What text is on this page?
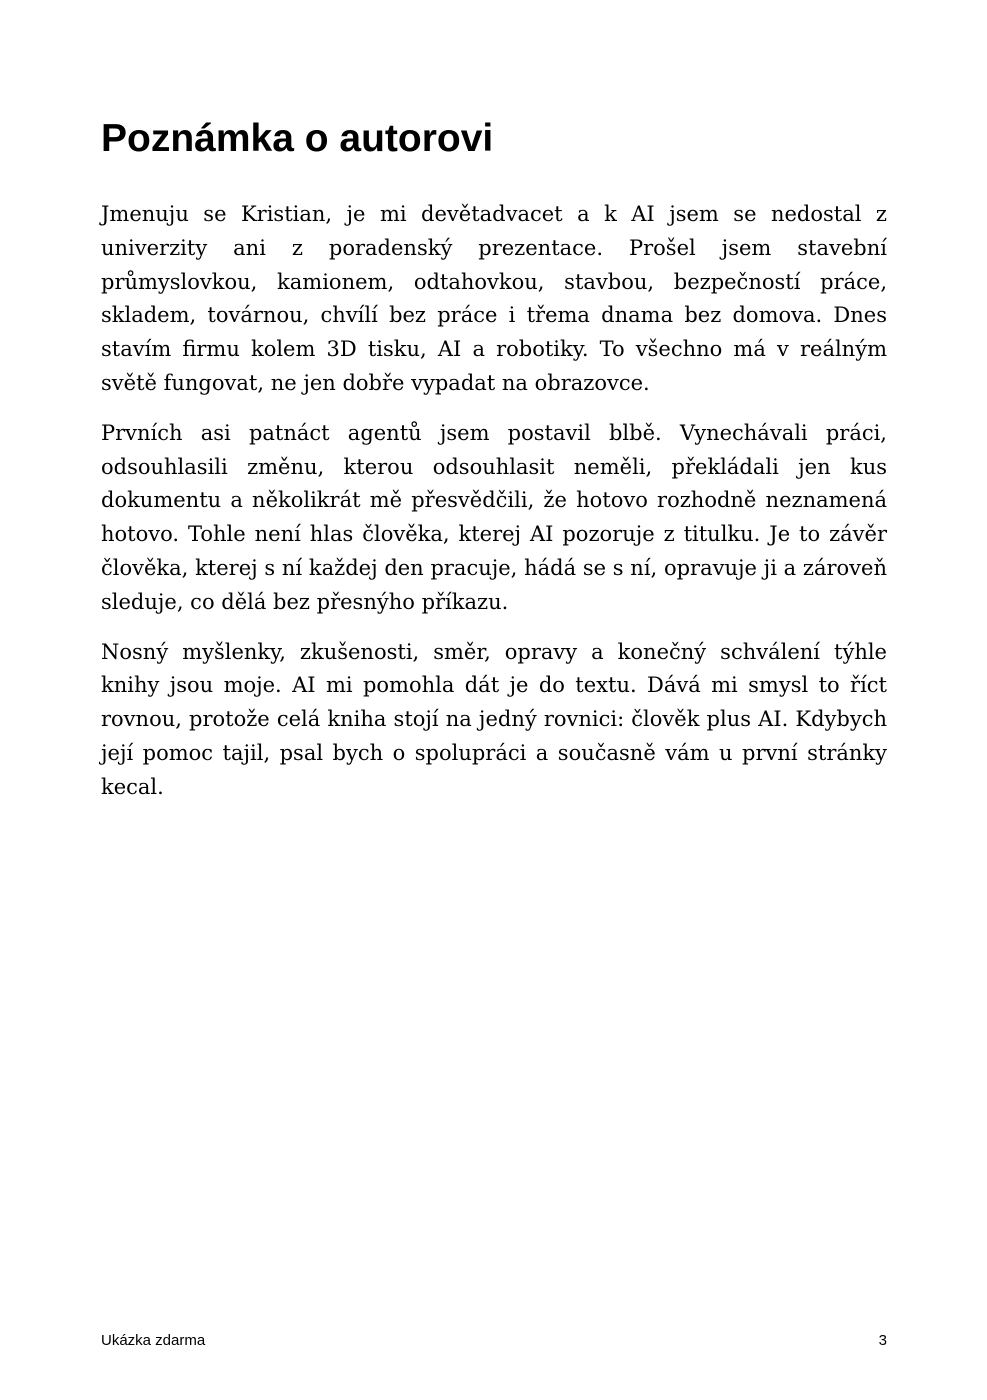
Poznámka o autorovi

Jmenuju se Kristian, je mi devětadvacet a k AI jsem se nedostal z univerzity ani z poradenský prezentace. Prošel jsem stavební průmyslovkou, kamionem, odtahovkou, stavbou, bezpečností práce, skladem, továrnou, chvílí bez práce i třema dnama bez domova. Dnes stavím firmu kolem 3D tisku, AI a robotiky. To všechno má v reálným světě fungovat, ne jen dobře vypadat na obrazovce.

Prvních asi patnáct agentů jsem postavil blbě. Vynechávali práci, odsouhlasili změnu, kterou odsouhlasit neměli, překládali jen kus dokumentu a několikrát mě přesvědčili, že hotovo rozhodně neznamená hotovo. Tohle není hlas člověka, kterej AI pozoruje z titulku. Je to závěr člověka, kterej s ní každej den pracuje, hádá se s ní, opravuje ji a zároveň sleduje, co dělá bez přesnýho příkazu.

Nosný myšlenky, zkušenosti, směr, opravy a konečný schválení týhle knihy jsou moje. AI mi pomohla dát je do textu. Dává mi smysl to říct rovnou, protože celá kniha stojí na jedný rovnici: člověk plus AI. Kdybych její pomoc tajil, psal bych o spolupráci a současně vám u první stránky kecal.

Ukázka zdarma	3
